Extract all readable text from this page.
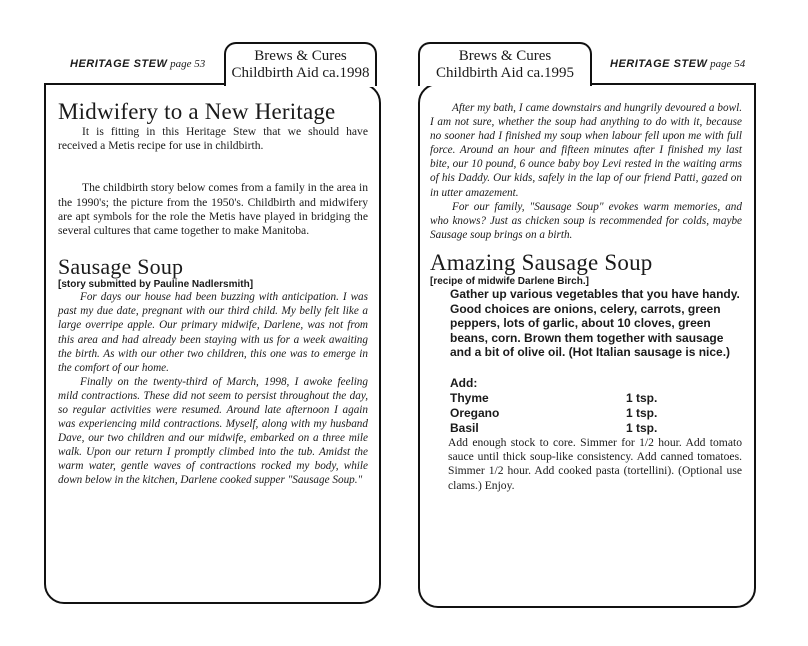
HERITAGE STEW page 53	Brews & Cures
Childbirth Aid ca.1998
Midwifery to a New Heritage

It is fitting in this Heritage Stew that we should have received a Metis recipe for use in childbirth.

The childbirth story below comes from a family in the area in the 1990's; the picture from the 1950's. Childbirth and midwifery are apt symbols for the role the Metis have played in bridging the several cultures that came together to make Manitoba.

Sausage Soup

[story submitted by Pauline Nadlersmith]

For days our house had been buzzing with anticipation. I was past my due date, pregnant with our third child. My belly felt like a large overripe apple. Our primary midwife, Darlene, was not from this area and had already been staying with us for a week awaiting the birth. As with our other two children, this one was to emerge in the comfort of our home.

Finally on the twenty-third of March, 1998, I awoke feeling mild contractions. These did not seem to persist throughout the day, so regular activities were resumed. Around late afternoon I again was experiencing mild contractions. Myself, along with my husband Dave, our two children and our midwife, embarked on a three mile walk. Upon our return I promptly climbed into the tub. Amidst the warm water, gentle waves of contractions rocked my body, while down below in the kitchen, Darlene cooked supper "Sausage Soup."

Brews & Cures
Childbirth Aid ca.1995
HERITAGE STEW page 54

After my bath, I came downstairs and hungrily devoured a bowl. I am not sure, whether the soup had anything to do with it, because no sooner had I finished my soup when labour fell upon me with full force. Around an hour and fifteen minutes after I finished my last bite, our 10 pound, 6 ounce baby boy Levi rested in the waiting arms of his Daddy. Our kids, safely in the lap of our friend Patti, gazed on in utter amazement.

For our family, "Sausage Soup" evokes warm memories, and who knows? Just as chicken soup is recommended for colds, maybe Sausage soup brings on a birth.

Amazing Sausage Soup

[recipe of midwife Darlene Birch.]

Gather up various vegetables that you have handy. Good choices are onions, celery, carrots, green peppers, lots of garlic, about 10 cloves, green beans, corn. Brown them together with sausage and a bit of olive oil. (Hot Italian sausage is nice.)
Add:
Thyme	1 tsp.
Oregano	1 tsp.
Basil	1 tsp.

Add enough stock to core. Simmer for 1/2 hour. Add tomato sauce until thick soup-like consistency. Add canned tomatoes. Simmer 1/2 hour. Add cooked pasta (tortellini). (Optional use clams.) Enjoy.
